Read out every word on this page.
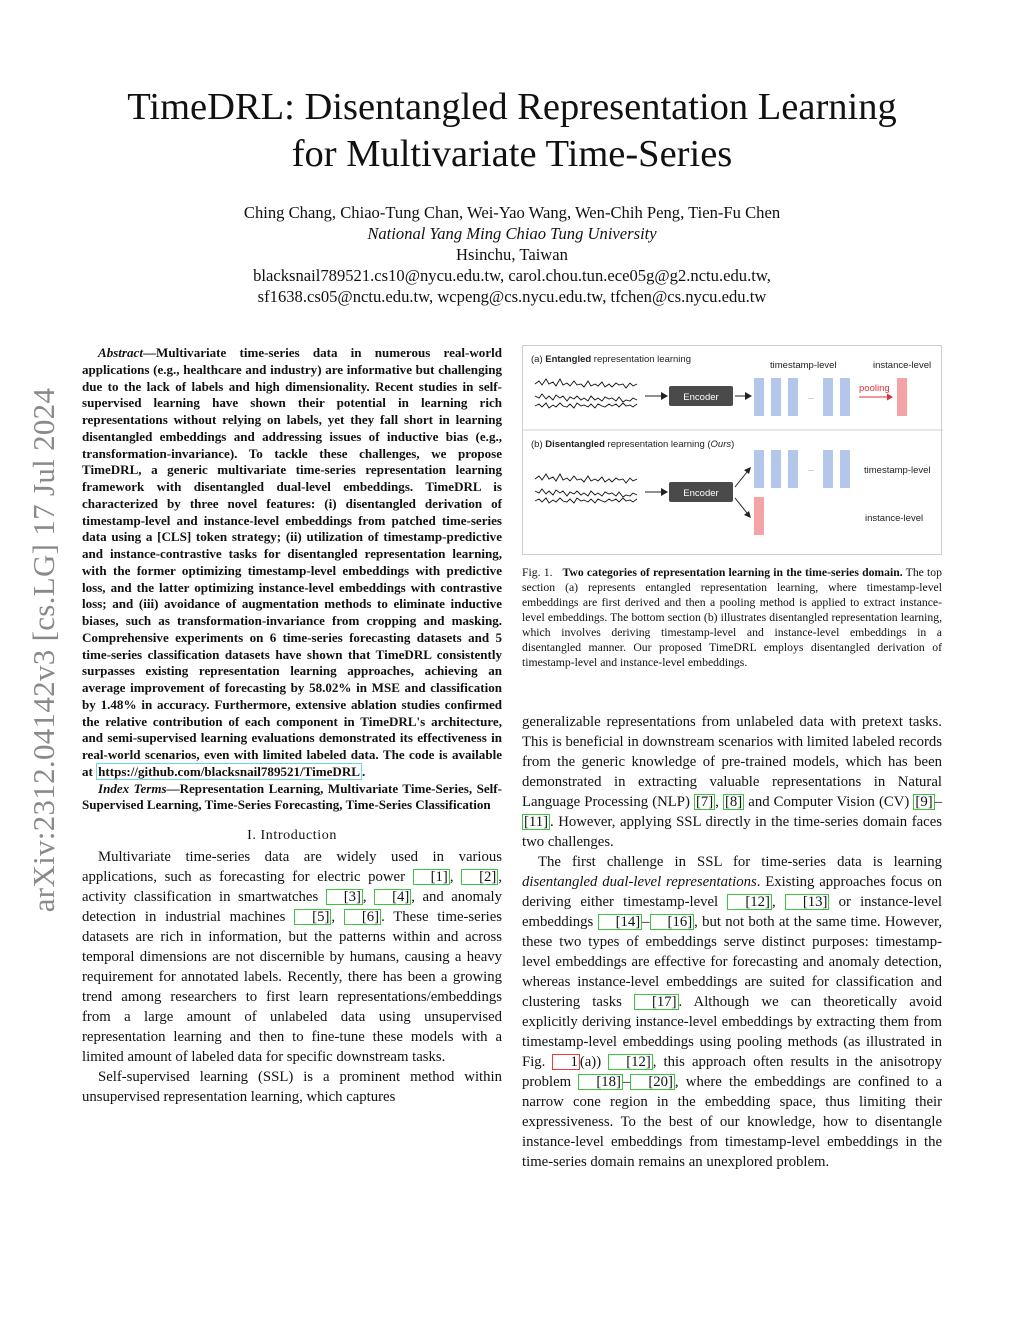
arXiv:2312.04142v3 [cs.LG] 17 Jul 2024
TimeDRL: Disentangled Representation Learning
for Multivariate Time-Series
Ching Chang, Chiao-Tung Chan, Wei-Yao Wang, Wen-Chih Peng, Tien-Fu Chen
National Yang Ming Chiao Tung University
Hsinchu, Taiwan
blacksnail789521.cs10@nycu.edu.tw, carol.chou.tun.ece05g@g2.nctu.edu.tw,
sf1638.cs05@nctu.edu.tw, wcpeng@cs.nycu.edu.tw, tfchen@cs.nycu.edu.tw

Abstract—Multivariate time-series data in numerous real-world applications (e.g., healthcare and industry) are informative but challenging due to the lack of labels and high dimensionality. Recent studies in self-supervised learning have shown their potential in learning rich representations without relying on labels, yet they fall short in learning disentangled embeddings and addressing issues of inductive bias (e.g., transformation-invariance). To tackle these challenges, we propose TimeDRL, a generic multivariate time-series representation learning framework with disentangled dual-level embeddings. TimeDRL is characterized by three novel features: (i) disentangled derivation of timestamp-level and instance-level embeddings from patched time-series data using a [CLS] token strategy; (ii) utilization of timestamp-predictive and instance-contrastive tasks for disentangled representation learning, with the former optimizing timestamp-level embeddings with predictive loss, and the latter optimizing instance-level embeddings with contrastive loss; and (iii) avoidance of augmentation methods to eliminate inductive biases, such as transformation-invariance from cropping and masking. Comprehensive experiments on 6 time-series forecasting datasets and 5 time-series classification datasets have shown that TimeDRL consistently surpasses existing representation learning approaches, achieving an average improvement of forecasting by 58.02% in MSE and classification by 1.48% in accuracy. Furthermore, extensive ablation studies confirmed the relative contribution of each component in TimeDRL's architecture, and semi-supervised learning evaluations demonstrated its effectiveness in real-world scenarios, even with limited labeled data. The code is available at https://github.com/blacksnail789521/TimeDRL .

Index Terms—Representation Learning, Multivariate Time-Series, Self-Supervised Learning, Time-Series Forecasting, Time-Series Classification

I. Introduction

Multivariate time-series data are widely used in various applications, such as forecasting for electric power [1] , [2] , activity classification in smartwatches [3] , [4] , and anomaly detection in industrial machines [5] , [6] . These time-series datasets are rich in information, but the patterns within and across temporal dimensions are not discernible by humans, causing a heavy requirement for annotated labels. Recently, there has been a growing trend among researchers to first learn representations/embeddings from a large amount of unlabeled data using unsupervised representation learning and then to fine-tune these models with a limited amount of labeled data for specific downstream tasks.

Self-supervised learning (SSL) is a prominent method within unsupervised representation learning, which captures

(a) Entangled representation learning
timestamp-level	instance-level
Encoder	...
pooling
(b) Disentangled representation learning (Ours)
Encoder
...	timestamp-level
instance-level

Fig. 1. Two categories of representation learning in the time-series domain. The top section (a) represents entangled representation learning, where timestamp-level embeddings are first derived and then a pooling method is applied to extract instance-level embeddings. The bottom section (b) illustrates disentangled representation learning, which involves deriving timestamp-level and instance-level embeddings in a disentangled manner. Our proposed TimeDRL employs disentangled derivation of timestamp-level and instance-level embeddings.

generalizable representations from unlabeled data with pretext tasks. This is beneficial in downstream scenarios with limited labeled records from the generic knowledge of pre-trained models, which has been demonstrated in extracting valuable representations in Natural Language Processing (NLP) [7] , [8] and Computer Vision (CV) [9] –[11] . However, applying SSL directly in the time-series domain faces two challenges.

The first challenge in SSL for time-series data is learning disentangled dual-level representations. Existing approaches focus on deriving either timestamp-level [12] , [13] or instance-level embeddings [14] – [16] , but not both at the same time. However, these two types of embeddings serve distinct purposes: timestamp-level embeddings are effective for forecasting and anomaly detection, whereas instance-level embeddings are suited for classification and clustering tasks [17] . Although we can theoretically avoid explicitly deriving instance-level embeddings by extracting them from timestamp-level embeddings using pooling methods (as illustrated in Fig. 1 (a)) [12] , this approach often results in the anisotropy problem [18] – [20] , where the embeddings are confined to a narrow cone region in the embedding space, thus limiting their expressiveness. To the best of our knowledge, how to disentangle instance-level embeddings from timestamp-level embeddings in the time-series domain remains an unexplored problem.
